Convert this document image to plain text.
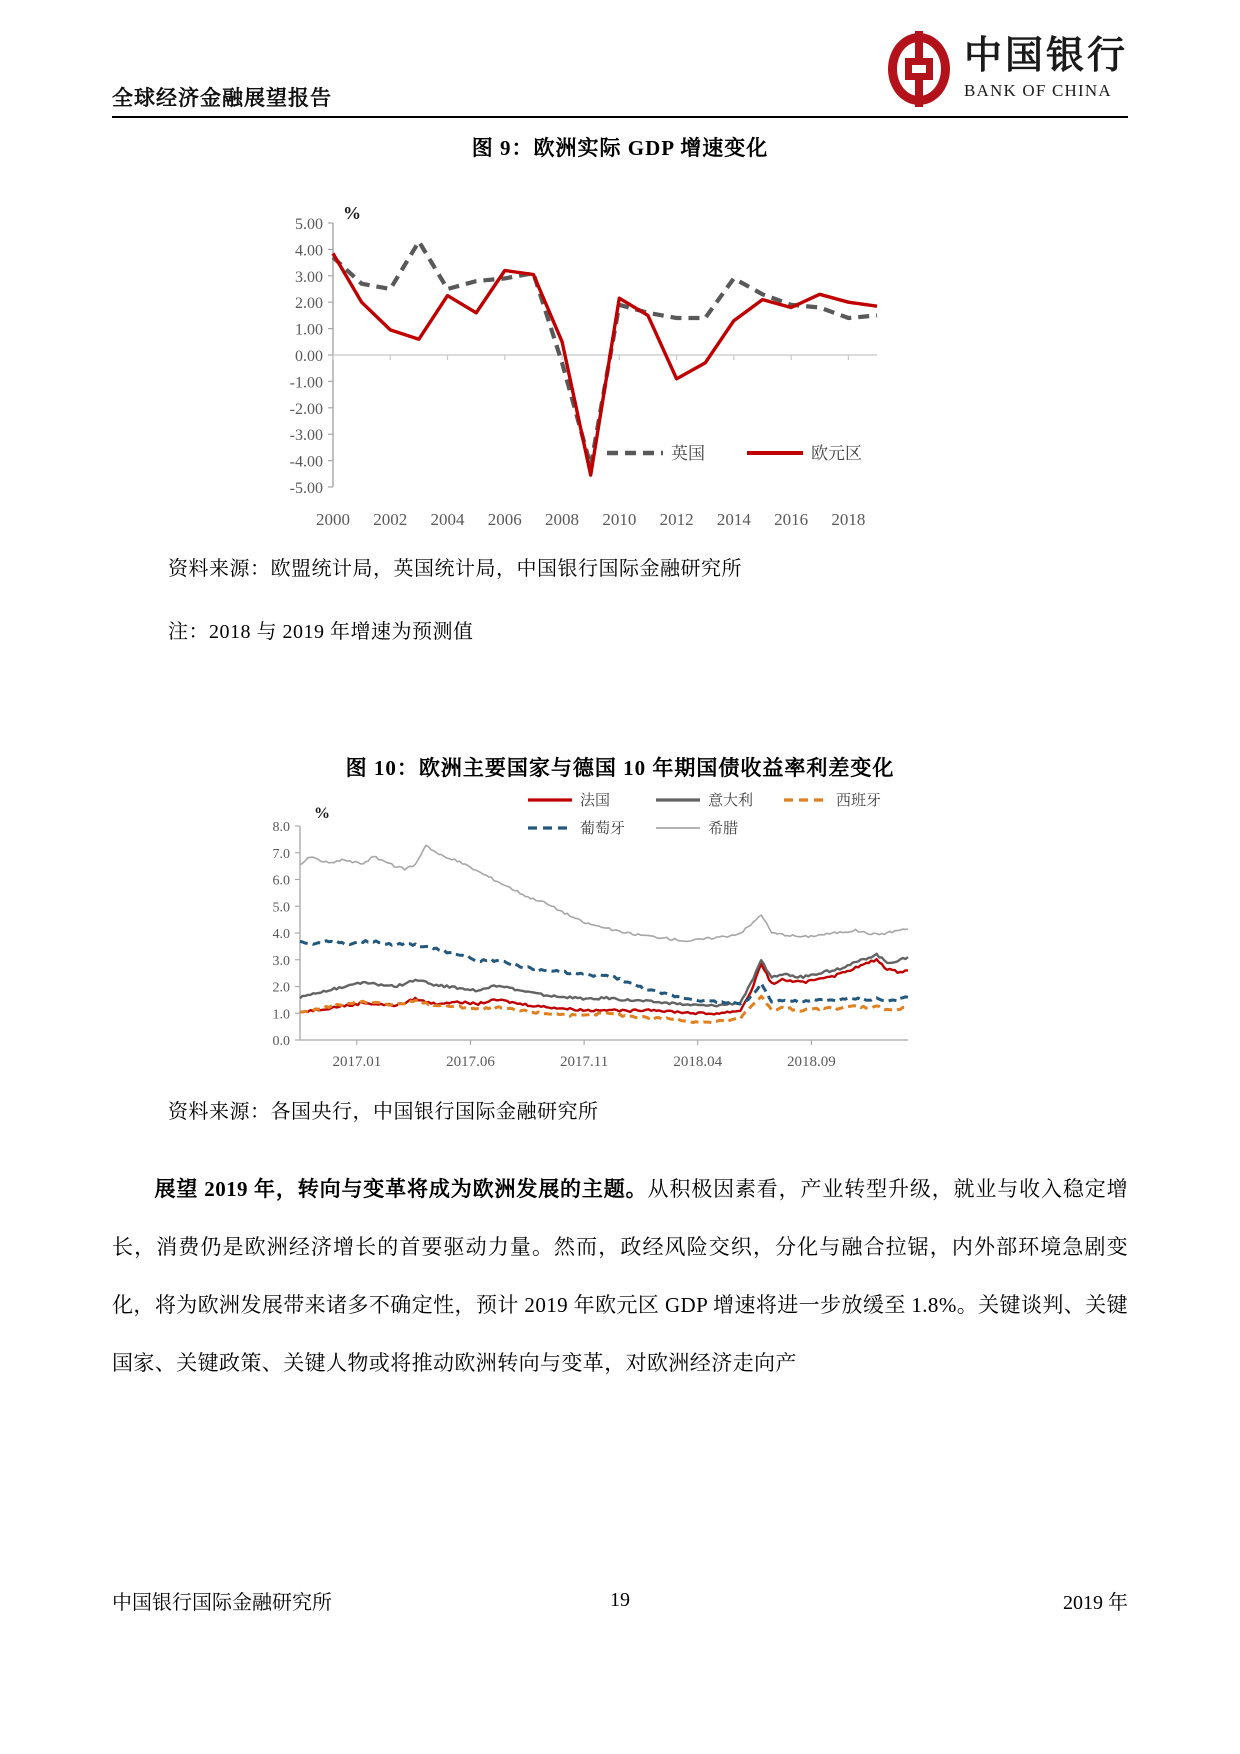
全球经济金融展望报告
中国银行
BANK OF CHINA
图 9：欧洲实际 GDP 增速变化
5.00
4.00
3.00
2.00
1.00
0.00
-1.00
-2.00
-3.00
-4.00
-5.00
2000 2002 2004 2006 2008 2010 2012 2014 2016 2018
%
英国	欧元区
资料来源：欧盟统计局，英国统计局，中国银行国际金融研究所
注：2018 与 2019 年增速为预测值
图 10：欧洲主要国家与德国 10 年期国债收益率利差变化
8.0
7.0
6.0
5.0
4.0
3.0
2.0
1.0
0.0
%
2017.01	2017.06	2017.11	2018.04	2018.09
法国	意大利	西班牙
葡萄牙	希腊
资料来源：各国央行，中国银行国际金融研究所
展望 2019 年，转向与变革将成为欧洲发展的主题。从积极因素看，产业转型升级，就业与收入稳定增长，消费仍是欧洲经济增长的首要驱动力量。然而，政经风险交织，分化与融合拉锯，内外部环境急剧变化，将为欧洲发展带来诸多不确定性，预计 2019 年欧元区 GDP 增速将进一步放缓至 1.8%。关键谈判、关键国家、关键政策、关键人物或将推动欧洲转向与变革，对欧洲经济走向产
中国银行国际金融研究所	19	2019 年
